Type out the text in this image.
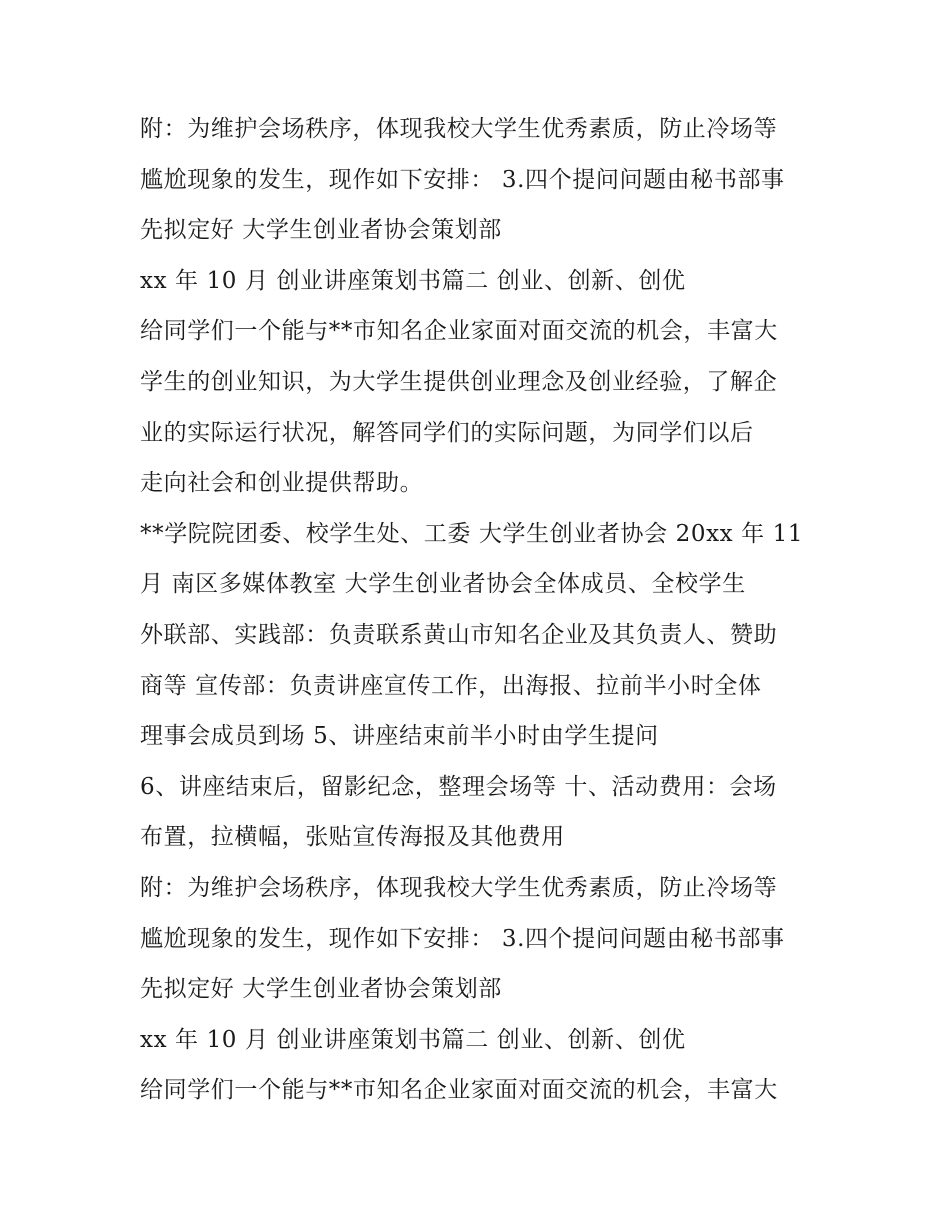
附：为维护会场秩序，体现我校大学生优秀素质，防止冷场等
尴尬现象的发生，现作如下安排： 3.四个提问问题由秘书部事
先拟定好 大学生创业者协会策划部
xx 年 10 月 创业讲座策划书篇二 创业、创新、创优
给同学们一个能与**市知名企业家面对面交流的机会，丰富大
学生的创业知识，为大学生提供创业理念及创业经验，了解企
业的实际运行状况，解答同学们的实际问题，为同学们以后
走向社会和创业提供帮助。
**学院院团委、校学生处、工委 大学生创业者协会 20xx 年 11
月 南区多媒体教室 大学生创业者协会全体成员、全校学生
外联部、实践部：负责联系黄山市知名企业及其负责人、赞助
商等 宣传部：负责讲座宣传工作，出海报、拉前半小时全体
理事会成员到场 5、讲座结束前半小时由学生提问
6、讲座结束后，留影纪念，整理会场等 十、活动费用：会场
布置，拉横幅，张贴宣传海报及其他费用
附：为维护会场秩序，体现我校大学生优秀素质，防止冷场等
尴尬现象的发生，现作如下安排： 3.四个提问问题由秘书部事
先拟定好 大学生创业者协会策划部
xx 年 10 月 创业讲座策划书篇二 创业、创新、创优
给同学们一个能与**市知名企业家面对面交流的机会，丰富大
